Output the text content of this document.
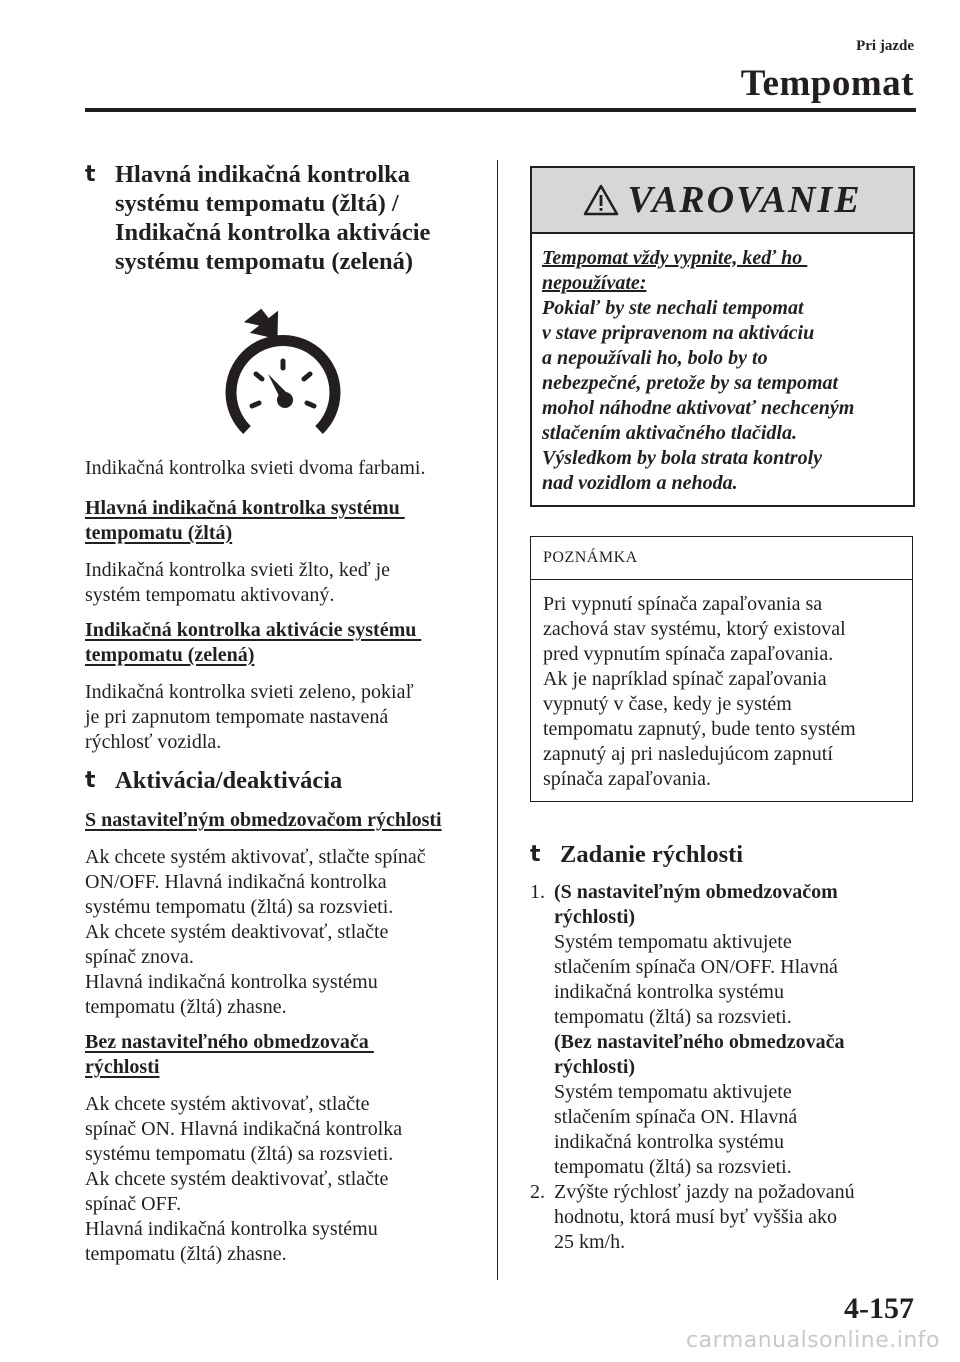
Pri jazde
Tempomat
t Hlavná indikačná kontrolka
systému tempomatu (žltá) /
Indikačná kontrolka aktivácie
systému tempomatu (zelená)
Indikačná kontrolka svieti dvoma farbami.
Hlavná indikačná kontrolka systému
tempomatu (žltá)
Indikačná kontrolka svieti žlto, keď je
systém tempomatu aktivovaný.
Indikačná kontrolka aktivácie systému
tempomatu (zelená)
Indikačná kontrolka svieti zeleno, pokiaľ
je pri zapnutom tempomate nastavená
rýchlosť vozidla.
t Aktivácia/deaktivácia
S nastaviteľným obmedzovačom rýchlosti
Ak chcete systém aktivovať, stlačte spínač
ON/OFF. Hlavná indikačná kontrolka
systému tempomatu (žltá) sa rozsvieti.
Ak chcete systém deaktivovať, stlačte
spínač znova.
Hlavná indikačná kontrolka systému
tempomatu (žltá) zhasne.
Bez nastaviteľného obmedzovača
rýchlosti
Ak chcete systém aktivovať, stlačte
spínač ON. Hlavná indikačná kontrolka
systému tempomatu (žltá) sa rozsvieti.
Ak chcete systém deaktivovať, stlačte
spínač OFF.
Hlavná indikačná kontrolka systému
tempomatu (žltá) zhasne.
VAROVANIE
Tempomat vždy vypnite, keď ho
nepoužívate:
Pokiaľ by ste nechali tempomat
v stave pripravenom na aktiváciu
a nepoužívali ho, bolo by to
nebezpečné, pretože by sa tempomat
mohol náhodne aktivovať nechceným
stlačením aktivačného tlačidla.
Výsledkom by bola strata kontroly
nad vozidlom a nehoda.
POZNÁMKA
Pri vypnutí spínača zapaľovania sa
zachová stav systému, ktorý existoval
pred vypnutím spínača zapaľovania.
Ak je napríklad spínač zapaľovania
vypnutý v čase, kedy je systém
tempomatu zapnutý, bude tento systém
zapnutý aj pri nasledujúcom zapnutí
spínača zapaľovania.
t Zadanie rýchlosti
1. (S nastaviteľným obmedzovačom
rýchlosti)
Systém tempomatu aktivujete
stlačením spínača ON/OFF. Hlavná
indikačná kontrolka systému
tempomatu (žltá) sa rozsvieti.
(Bez nastaviteľného obmedzovača
rýchlosti)
Systém tempomatu aktivujete
stlačením spínača ON. Hlavná
indikačná kontrolka systému
tempomatu (žltá) sa rozsvieti.
2. Zvýšte rýchlosť jazdy na požadovanú
hodnotu, ktorá musí byť vyššia ako
25 km/h.
4-157
carmanualsonline.info
